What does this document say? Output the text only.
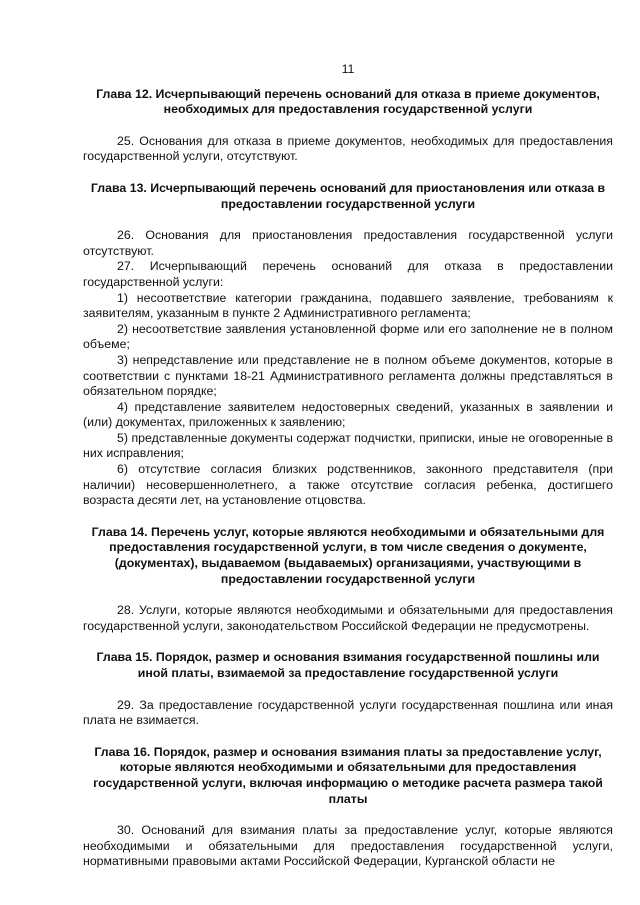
11
Глава 12. Исчерпывающий перечень оснований для отказа в приеме документов, необходимых для предоставления государственной услуги

25. Основания для отказа в приеме документов, необходимых для предоставления государственной услуги, отсутствуют.

Глава 13. Исчерпывающий перечень оснований для приостановления или отказа в предоставлении государственной услуги

26. Основания для приостановления предоставления государственной услуги отсутствуют.

27. Исчерпывающий перечень оснований для отказа в предоставлении государственной услуги:

1) несоответствие категории гражданина, подавшего заявление, требованиям к заявителям, указанным в пункте 2 Административного регламента;

2) несоответствие заявления установленной форме или его заполнение не в полном объеме;

3) непредставление или представление не в полном объеме документов, которые в соответствии с пунктами 18-21 Административного регламента должны представляться в обязательном порядке;

4) представление заявителем недостоверных сведений, указанных в заявлении и (или) документах, приложенных к заявлению;

5) представленные документы содержат подчистки, приписки, иные не оговоренные в них исправления;

6) отсутствие согласия близких родственников, законного представителя (при наличии) несовершеннолетнего, а также отсутствие согласия ребенка, достигшего возраста десяти лет, на установление отцовства.

Глава 14. Перечень услуг, которые являются необходимыми и обязательными для предоставления государственной услуги, в том числе сведения о документе, (документах), выдаваемом (выдаваемых) организациями, участвующими в предоставлении государственной услуги

28. Услуги, которые являются необходимыми и обязательными для предоставления государственной услуги, законодательством Российской Федерации не предусмотрены.

Глава 15. Порядок, размер и основания взимания государственной пошлины или иной платы, взимаемой за предоставление государственной услуги

29. За предоставление государственной услуги государственная пошлина или иная плата не взимается.

Глава 16. Порядок, размер и основания взимания платы за предоставление услуг, которые являются необходимыми и обязательными для предоставления государственной услуги, включая информацию о методике расчета размера такой платы

30. Оснований для взимания платы за предоставление услуг, которые являются необходимыми и обязательными для предоставления государственной услуги, нормативными правовыми актами Российской Федерации, Курганской области не
